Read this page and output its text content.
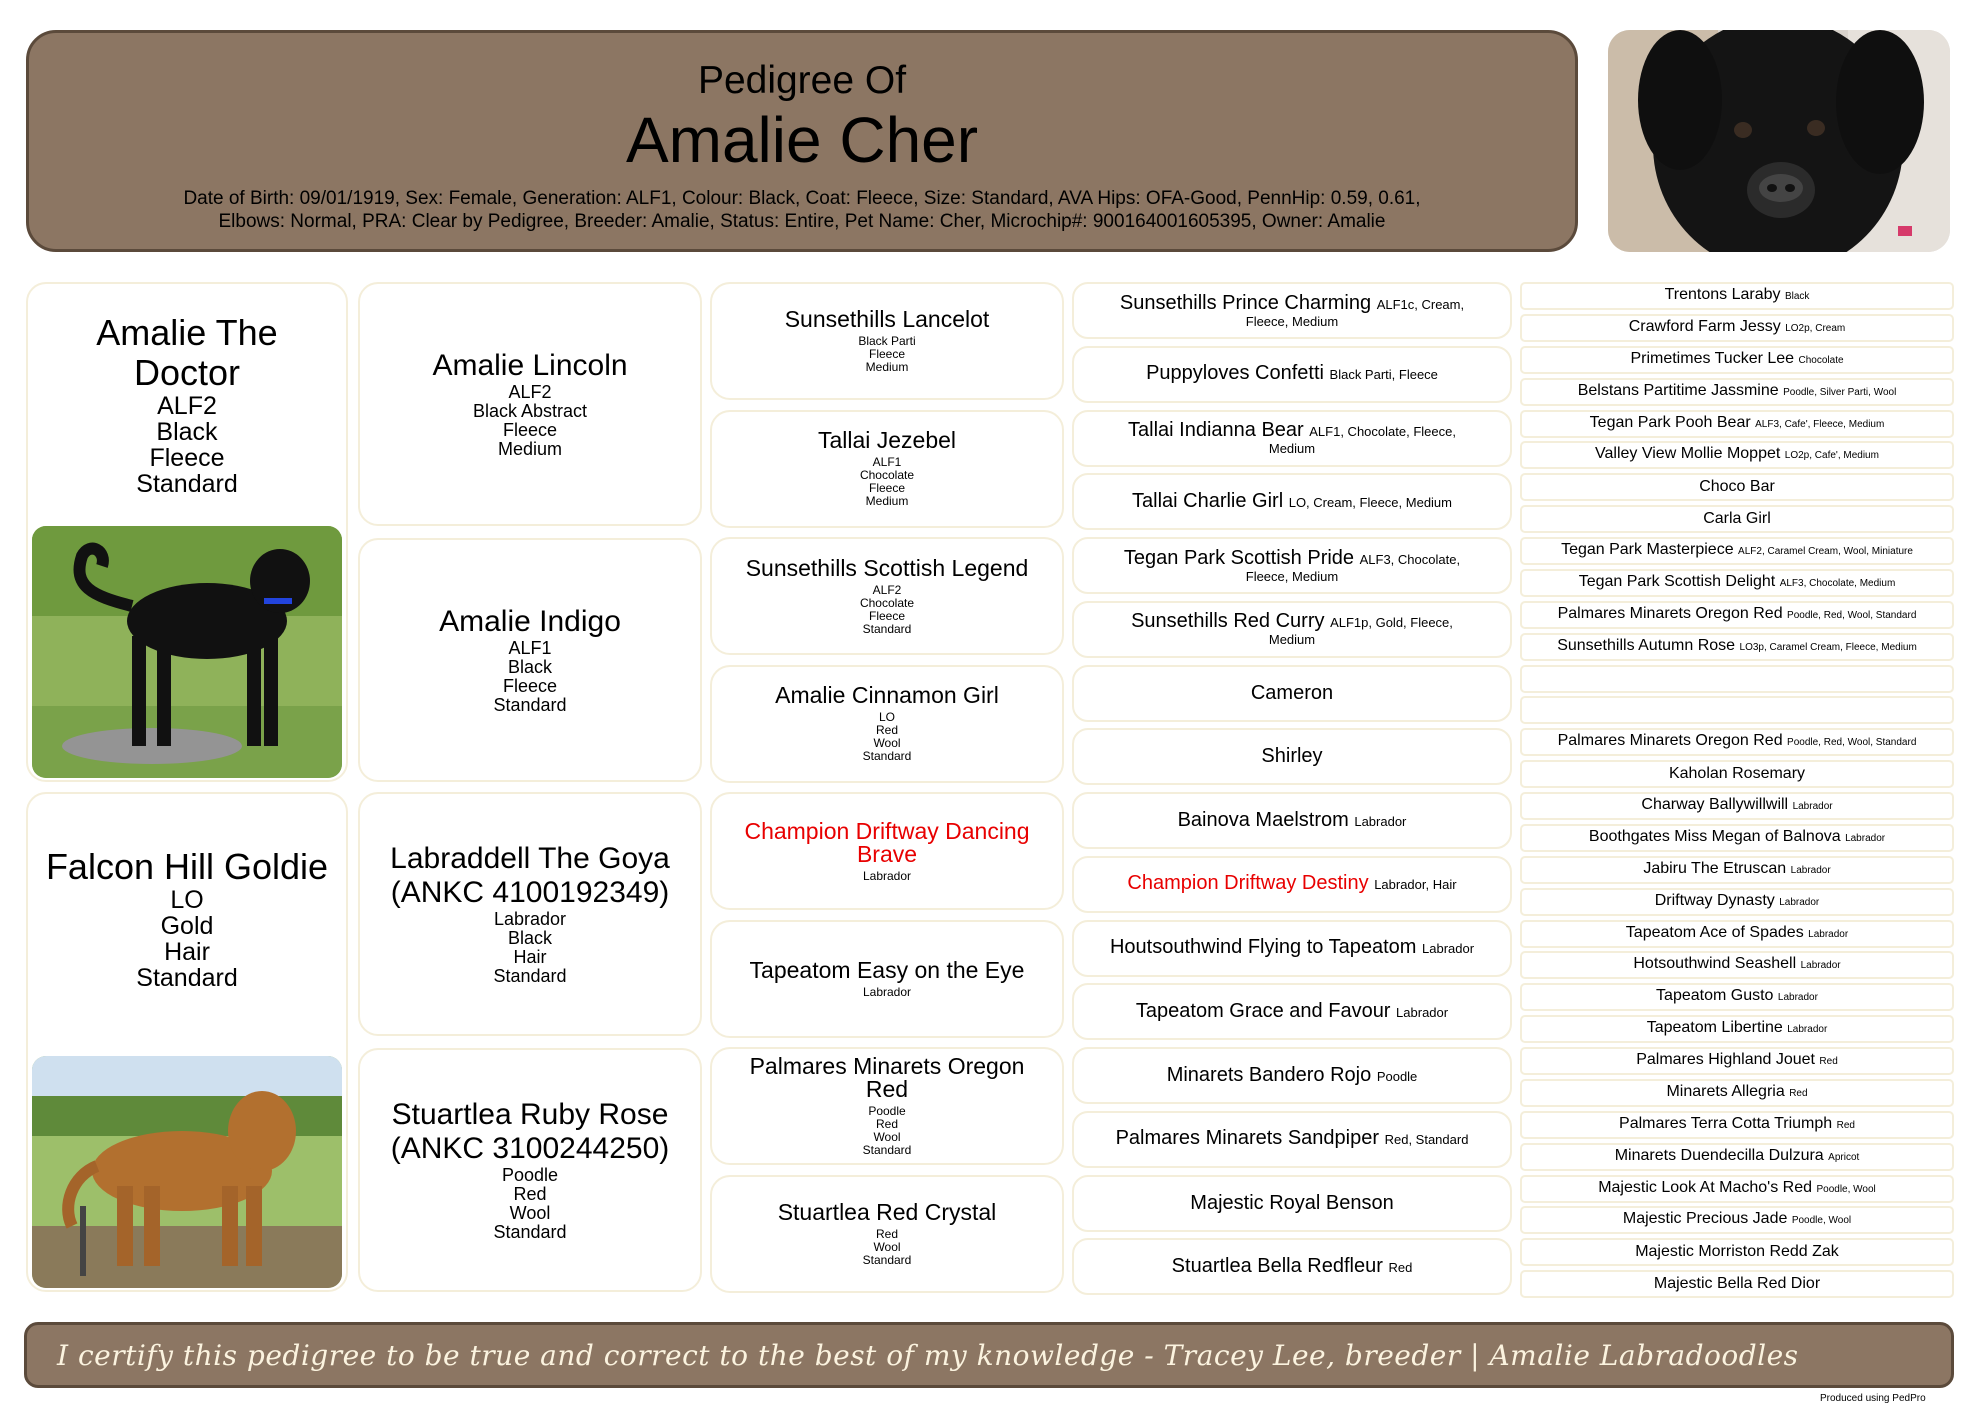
Pedigree Of
Amalie Cher
Date of Birth: 09/01/1919, Sex: Female, Generation: ALF1, Colour: Black, Coat: Fleece, Size: Standard, AVA Hips: OFA-Good, PennHip: 0.59, 0.61,
Elbows: Normal, PRA: Clear by Pedigree, Breeder: Amalie, Status: Entire, Pet Name: Cher, Microchip#: 900164001605395, Owner: Amalie
Amalie The Doctor
ALF2
Black
Fleece
Standard
Falcon Hill Goldie
LO
Gold
Hair
Standard
Amalie Lincoln
ALF2
Black Abstract
Fleece
Medium
Amalie Indigo
ALF1
Black
Fleece
Standard
Labraddell The Goya (ANKC 4100192349)
Labrador
Black
Hair
Standard
Stuartlea Ruby Rose (ANKC 3100244250)
Poodle
Red
Wool
Standard
Sunsethills Lancelot
Black Parti
Fleece
Medium
Tallai Jezebel
ALF1
Chocolate
Fleece
Medium
Sunsethills Scottish Legend
ALF2
Chocolate
Fleece
Standard
Amalie Cinnamon Girl
LO
Red
Wool
Standard
Champion Driftway Dancing Brave
Labrador
Tapeatom Easy on the Eye
Labrador
Palmares Minarets Oregon Red
Poodle
Red
Wool
Standard
Stuartlea Red Crystal
Red
Wool
Standard
Sunsethills Prince Charming ALF1c, Cream,
Fleece, Medium
Puppyloves Confetti Black Parti, Fleece
Tallai Indianna Bear ALF1, Chocolate, Fleece,
Medium
Tallai Charlie Girl LO, Cream, Fleece, Medium
Tegan Park Scottish Pride ALF3, Chocolate,
Fleece, Medium
Sunsethills Red Curry ALF1p, Gold, Fleece,
Medium
Cameron
Shirley
Bainova Maelstrom Labrador
Champion Driftway Destiny Labrador, Hair
Houtsouthwind Flying to Tapeatom Labrador
Tapeatom Grace and Favour Labrador
Minarets Bandero Rojo Poodle
Palmares Minarets Sandpiper Red, Standard
Majestic Royal Benson
Stuartlea Bella Redfleur Red
Trentons Laraby Black
Crawford Farm Jessy LO2p, Cream
Primetimes Tucker Lee Chocolate
Belstans Partitime Jassmine Poodle, Silver Parti, Wool
Tegan Park Pooh Bear ALF3, Cafe', Fleece, Medium
Valley View Mollie Moppet LO2p, Cafe', Medium
Choco Bar
Carla Girl
Tegan Park Masterpiece ALF2, Caramel Cream, Wool, Miniature
Tegan Park Scottish Delight ALF3, Chocolate, Medium
Palmares Minarets Oregon Red Poodle, Red, Wool, Standard
Sunsethills Autumn Rose LO3p, Caramel Cream, Fleece, Medium
Palmares Minarets Oregon Red Poodle, Red, Wool, Standard
Kaholan Rosemary
Charway Ballywillwill Labrador
Boothgates Miss Megan of Balnova Labrador
Jabiru The Etruscan Labrador
Driftway Dynasty Labrador
Tapeatom Ace of Spades Labrador
Hotsouthwind Seashell Labrador
Tapeatom Gusto Labrador
Tapeatom Libertine Labrador
Palmares Highland Jouet Red
Minarets Allegria Red
Palmares Terra Cotta Triumph Red
Minarets Duendecilla Dulzura Apricot
Majestic Look At Macho's Red Poodle, Wool
Majestic Precious Jade Poodle, Wool
Majestic Morriston Redd Zak
Majestic Bella Red Dior
I certify this pedigree to be true and correct to the best of my knowledge - Tracey Lee, breeder | Amalie Labradoodles
Produced using PedPro
